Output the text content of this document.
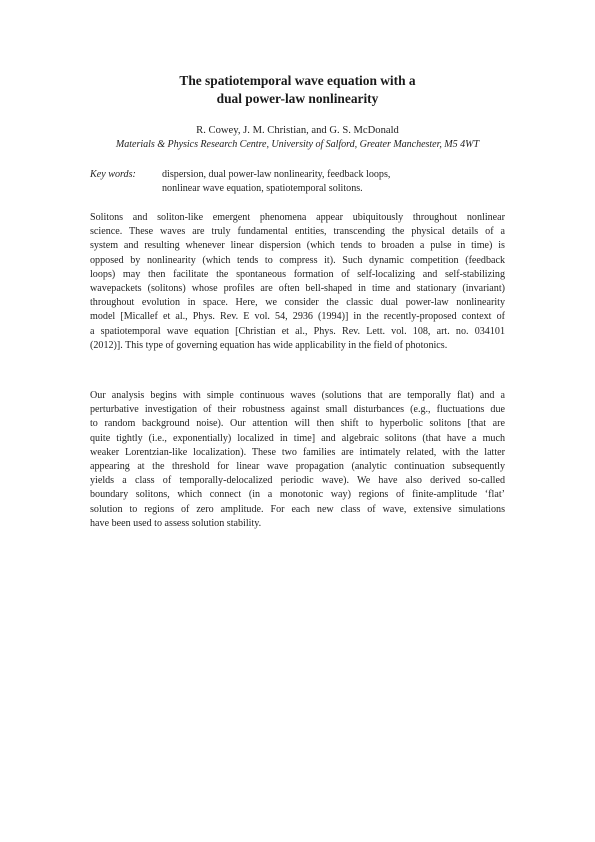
The spatiotemporal wave equation with a
dual power-law nonlinearity
R. Cowey, J. M. Christian, and G. S. McDonald
Materials & Physics Research Centre, University of Salford, Greater Manchester, M5 4WT
Key words:	dispersion, dual power-law nonlinearity, feedback loops,
nonlinear wave equation, spatiotemporal solitons.
Solitons and soliton-like emergent phenomena appear ubiquitously throughout nonlinear
science. These waves are truly fundamental entities, transcending the physical details of a
system and resulting whenever linear dispersion (which tends to broaden a pulse in time) is
opposed by nonlinearity (which tends to compress it). Such dynamic competition (feedback
loops) may then facilitate the spontaneous formation of self-localizing and self-stabilizing
wavepackets (solitons) whose profiles are often bell-shaped in time and stationary (invariant)
throughout evolution in space. Here, we consider the classic dual power-law nonlinearity
model [Micallef et al., Phys. Rev. E vol. 54, 2936 (1994)] in the recently-proposed context of
a spatiotemporal wave equation [Christian et al., Phys. Rev. Lett. vol. 108, art. no. 034101
(2012)]. This type of governing equation has wide applicability in the field of photonics.
Our analysis begins with simple continuous waves (solutions that are temporally flat) and a
perturbative investigation of their robustness against small disturbances (e.g., fluctuations due
to random background noise). Our attention will then shift to hyperbolic solitons [that are
quite tightly (i.e., exponentially) localized in time] and algebraic solitons (that have a much
weaker Lorentzian-like localization). These two families are intimately related, with the latter
appearing at the threshold for linear wave propagation (analytic continuation subsequently
yields a class of temporally-delocalized periodic wave). We have also derived so-called
boundary solitons, which connect (in a monotonic way) regions of finite-amplitude ‘flat’
solution to regions of zero amplitude. For each new class of wave, extensive simulations
have been used to assess solution stability.
